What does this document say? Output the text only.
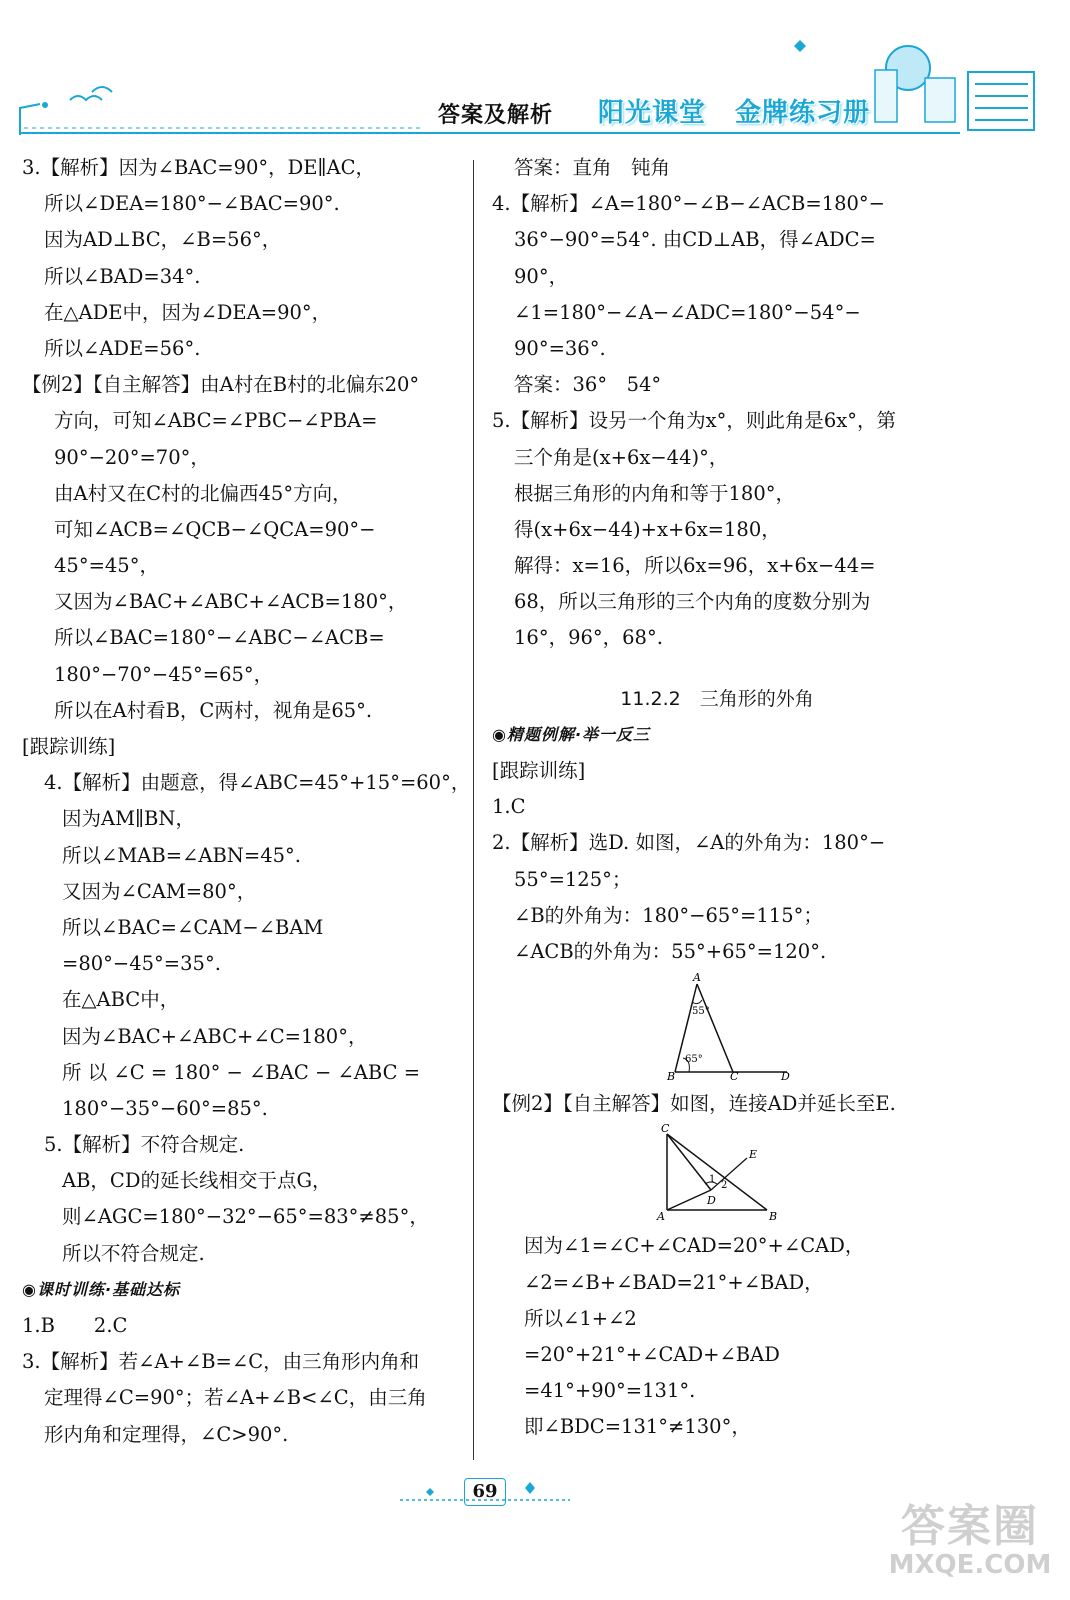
答案及解析 阳光课堂 金牌练习册
3.【解析】因为∠BAC=90°，DE∥AC，
所以∠DEA=180°−∠BAC=90°.
因为AD⊥BC，∠B=56°，
所以∠BAD=34°.
在△ADE中，因为∠DEA=90°，
所以∠ADE=56°.
【例2】【自主解答】由A村在B村的北偏东20°
方向，可知∠ABC=∠PBC−∠PBA=
90°−20°=70°，
由A村又在C村的北偏西45°方向，
可知∠ACB=∠QCB−∠QCA=90°−
45°=45°，
又因为∠BAC+∠ABC+∠ACB=180°，
所以∠BAC=180°−∠ABC−∠ACB=
180°−70°−45°=65°，
所以在A村看B，C两村，视角是65°.
[跟踪训练]
4.【解析】由题意，得∠ABC=45°+15°=60°，
因为AM∥BN，
所以∠MAB=∠ABN=45°.
又因为∠CAM=80°，
所以∠BAC=∠CAM−∠BAM
=80°−45°=35°.
在△ABC中，
因为∠BAC+∠ABC+∠C=180°，
所 以 ∠C = 180° − ∠BAC − ∠ABC =
180°−35°−60°=85°.
5.【解析】不符合规定.
AB，CD的延长线相交于点G，
则∠AGC=180°−32°−65°=83°≠85°，
所以不符合规定.
◉课时训练·基础达标
1.B　　2.C
3.【解析】若∠A+∠B=∠C，由三角形内角和
定理得∠C=90°；若∠A+∠B<∠C，由三角
形内角和定理得，∠C>90°.
答案：直角　钝角
4.【解析】∠A=180°−∠B−∠ACB=180°−
36°−90°=54°. 由CD⊥AB，得∠ADC=
90°，
∠1=180°−∠A−∠ADC=180°−54°−
90°=36°.
答案：36°　54°
5.【解析】设另一个角为x°，则此角是6x°，第
三个角是(x+6x−44)°，
根据三角形的内角和等于180°，
得(x+6x−44)+x+6x=180，
解得：x=16，所以6x=96，x+6x−44=
68，所以三角形的三个内角的度数分别为
16°，96°，68°.
11.2.2　三角形的外角
◉精题例解·举一反三
[跟踪训练]
1.C
2.【解析】选D. 如图，∠A的外角为：180°−
55°=125°；
∠B的外角为：180°−65°=115°；
∠ACB的外角为：55°+65°=120°.
A
B	C	D
55°
65°
【例2】【自主解答】如图，连接AD并延长至E.
C
A	B
D
E
1
2
因为∠1=∠C+∠CAD=20°+∠CAD，
∠2=∠B+∠BAD=21°+∠BAD，
所以∠1+∠2
=20°+21°+∠CAD+∠BAD
=41°+90°=131°.
即∠BDC=131°≠130°，
69
答案圈
MXQE.COM
